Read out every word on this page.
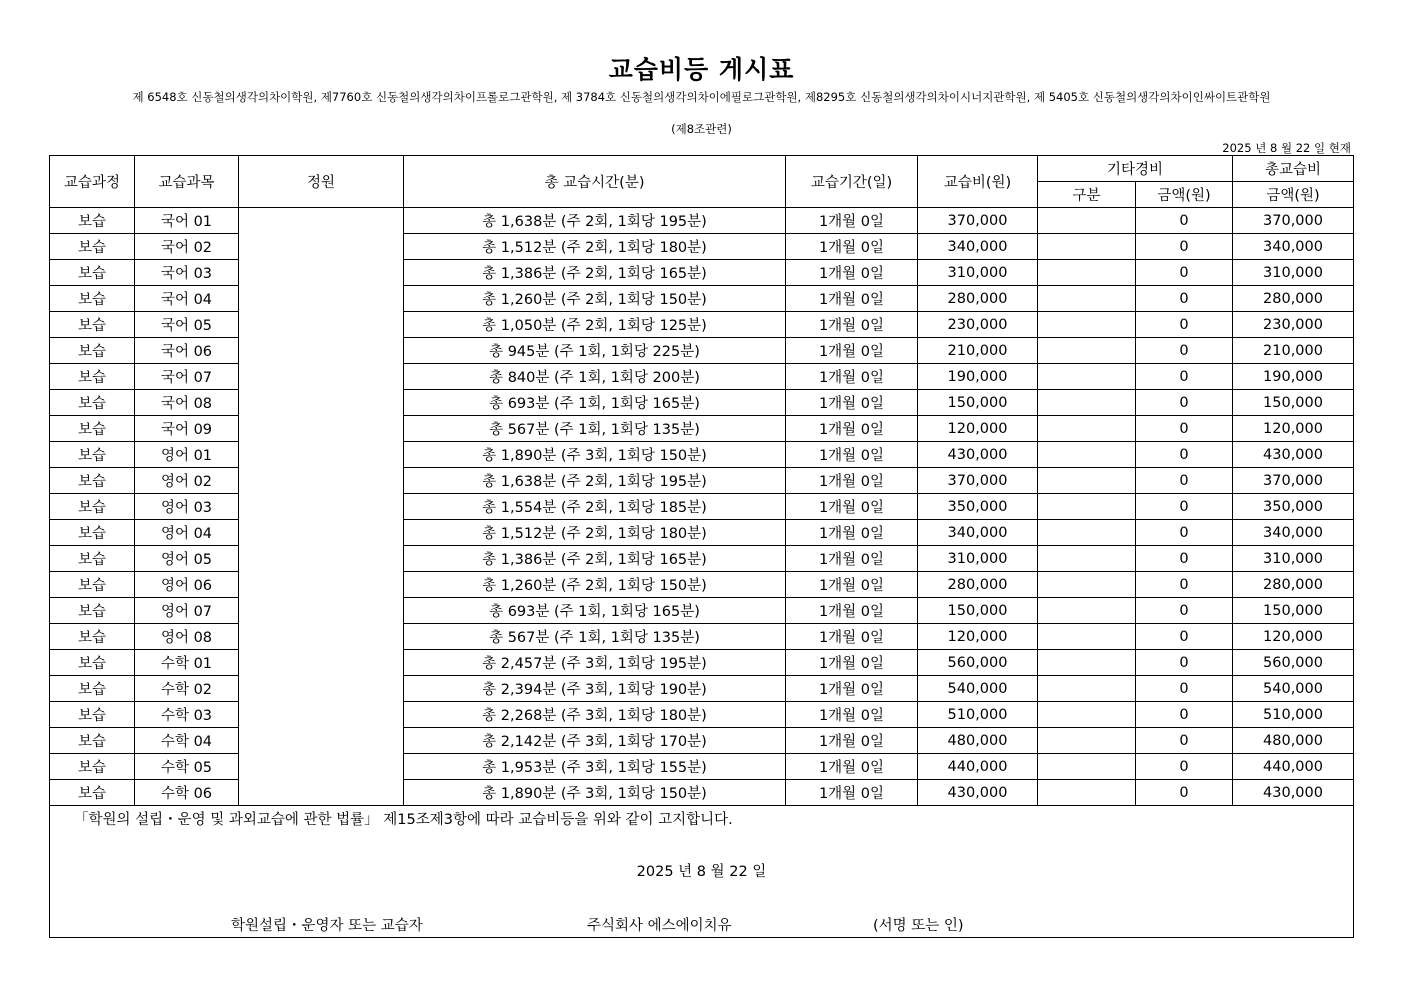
교습비등 게시표
제 6548호 신동철의생각의차이학원, 제7760호 신동철의생각의차이프롤로그관학원, 제 3784호 신동철의생각의차이에필로그관학원, 제8295호 신동철의생각의차이시너지관학원, 제 5405호 신동철의생각의차이인싸이트관학원
(제8조관련)
2025 년 8 월 22 일 현재
교습과정	교습과목	정원	총 교습시간(분)	교습기간(일)	교습비(원)	기타경비		총교습비
						구분	금액(원)	금액(원)
보습	국어 01		총 1,638분 (주 2회, 1회당 195분)	1개월 0일	370,000		0	370,000
보습	국어 02		총 1,512분 (주 2회, 1회당 180분)	1개월 0일	340,000		0	340,000
보습	국어 03		총 1,386분 (주 2회, 1회당 165분)	1개월 0일	310,000		0	310,000
보습	국어 04		총 1,260분 (주 2회, 1회당 150분)	1개월 0일	280,000		0	280,000
보습	국어 05		총 1,050분 (주 2회, 1회당 125분)	1개월 0일	230,000		0	230,000
보습	국어 06		총 945분 (주 1회, 1회당 225분)	1개월 0일	210,000		0	210,000
보습	국어 07		총 840분 (주 1회, 1회당 200분)	1개월 0일	190,000		0	190,000
보습	국어 08		총 693분 (주 1회, 1회당 165분)	1개월 0일	150,000		0	150,000
보습	국어 09		총 567분 (주 1회, 1회당 135분)	1개월 0일	120,000		0	120,000
보습	영어 01		총 1,890분 (주 3회, 1회당 150분)	1개월 0일	430,000		0	430,000
보습	영어 02		총 1,638분 (주 2회, 1회당 195분)	1개월 0일	370,000		0	370,000
보습	영어 03		총 1,554분 (주 2회, 1회당 185분)	1개월 0일	350,000		0	350,000
보습	영어 04		총 1,512분 (주 2회, 1회당 180분)	1개월 0일	340,000		0	340,000
보습	영어 05		총 1,386분 (주 2회, 1회당 165분)	1개월 0일	310,000		0	310,000
보습	영어 06		총 1,260분 (주 2회, 1회당 150분)	1개월 0일	280,000		0	280,000
보습	영어 07		총 693분 (주 1회, 1회당 165분)	1개월 0일	150,000		0	150,000
보습	영어 08		총 567분 (주 1회, 1회당 135분)	1개월 0일	120,000		0	120,000
보습	수학 01		총 2,457분 (주 3회, 1회당 195분)	1개월 0일	560,000		0	560,000
보습	수학 02		총 2,394분 (주 3회, 1회당 190분)	1개월 0일	540,000		0	540,000
보습	수학 03		총 2,268분 (주 3회, 1회당 180분)	1개월 0일	510,000		0	510,000
보습	수학 04		총 2,142분 (주 3회, 1회당 170분)	1개월 0일	480,000		0	480,000
보습	수학 05		총 1,953분 (주 3회, 1회당 155분)	1개월 0일	440,000		0	440,000
보습	수학 06		총 1,890분 (주 3회, 1회당 150분)	1개월 0일	430,000		0	430,000

「학원의 설립・운영 및 과외교습에 관한 법률」 제15조제3항에 따라 교습비등을 위와 같이 고지합니다.
2025 년 8 월 22 일
학원설립・운영자 또는 교습자 주식회사 에스에이치유 (서명 또는 인)								
